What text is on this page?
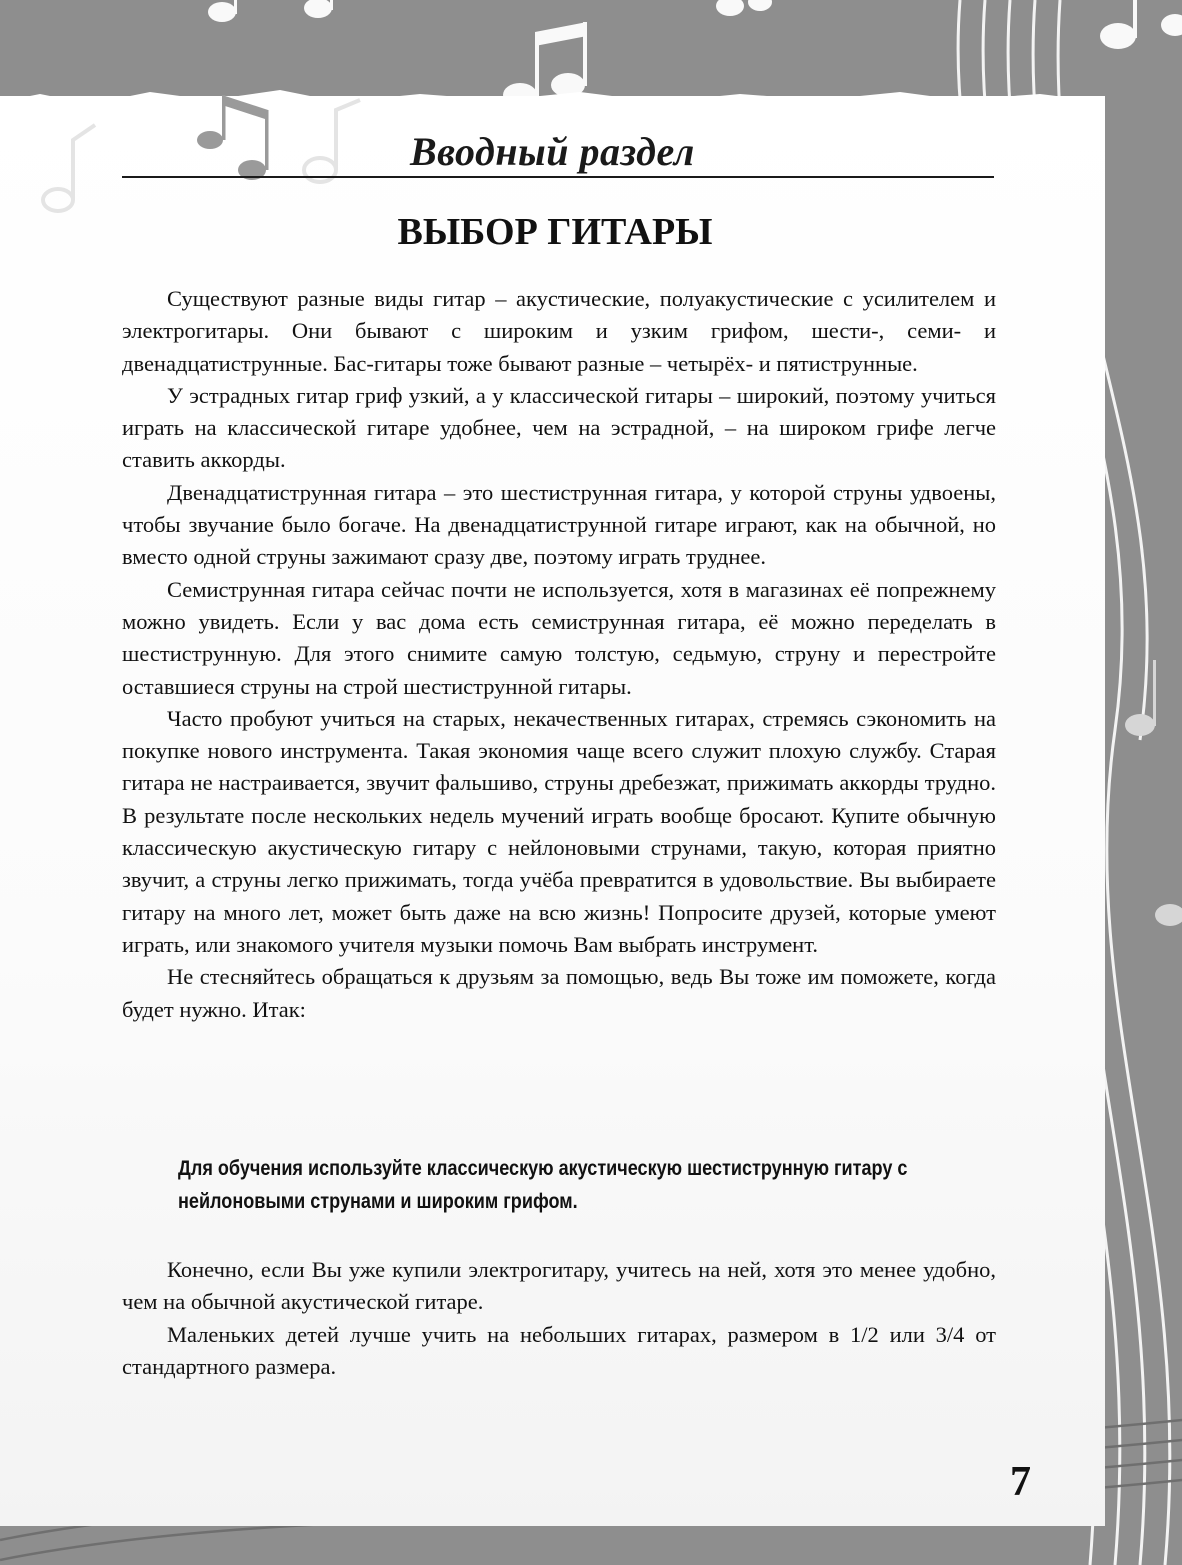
Вводный раздел
ВЫБОР ГИТАРЫ

Существуют разные виды гитар – акустические, полуакустические с усилителем и электрогитары. Они бывают с широким и узким грифом, шести-, семи- и двенадцатиструнные. Бас-гитары тоже бывают разные – четырёх- и пятиструнные.

У эстрадных гитар гриф узкий, а у классической гитары – широкий, поэтому учиться играть на классической гитаре удобнее, чем на эстрадной, – на широком грифе легче ставить аккорды.

Двенадцатиструнная гитара – это шестиструнная гитара, у которой струны удвоены, чтобы звучание было богаче. На двенадцатиструнной гитаре играют, как на обычной, но вместо одной струны зажимают сразу две, поэтому играть труднее.

Семиструнная гитара сейчас почти не используется, хотя в магазинах её попрежнему можно увидеть. Если у вас дома есть семиструнная гитара, её можно переделать в шестиструнную. Для этого снимите самую толстую, седьмую, струну и перестройте оставшиеся струны на строй шестиструнной гитары.

Часто пробуют учиться на старых, некачественных гитарах, стремясь сэкономить на покупке нового инструмента. Такая экономия чаще всего служит плохую службу. Старая гитара не настраивается, звучит фальшиво, струны дребезжат, прижимать аккорды трудно. В результате после нескольких недель мучений играть вообще бросают. Купите обычную классическую акустическую гитару с нейлоновыми струнами, такую, которая приятно звучит, а струны легко прижимать, тогда учёба превратится в удовольствие. Вы выбираете гитару на много лет, может быть даже на всю жизнь! Попросите друзей, которые умеют играть, или знакомого учителя музыки помочь Вам выбрать инструмент.

Не стесняйтесь обращаться к друзьям за помощью, ведь Вы тоже им поможете, когда будет нужно. Итак:

Для обучения используйте классическую акустическую шестиструнную гитару с нейлоновыми струнами и широким грифом.

Конечно, если Вы уже купили электрогитару, учитесь на ней, хотя это менее удобно, чем на обычной акустической гитаре.

Маленьких детей лучше учить на небольших гитарах, размером в 1/2 или 3/4 от стандартного размера.

7
